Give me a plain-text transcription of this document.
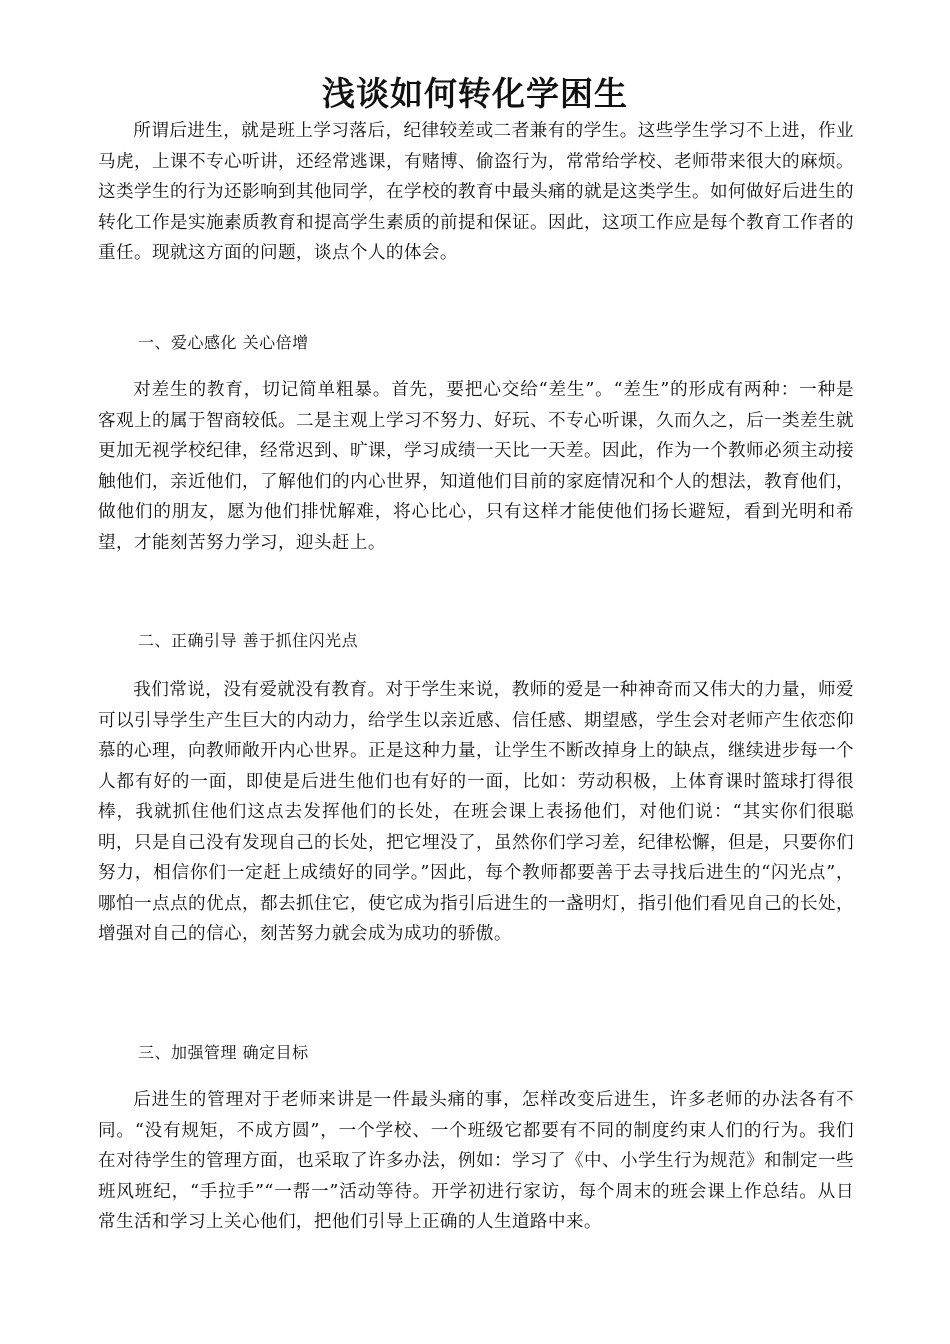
浅谈如何转化学困生

所谓后进生，就是班上学习落后，纪律较差或二者兼有的学生。这些学生学习不上进，作业马虎，上课不专心听讲，还经常逃课，有赌博、偷盗行为，常常给学校、老师带来很大的麻烦。这类学生的行为还影响到其他同学，在学校的教育中最头痛的就是这类学生。如何做好后进生的转化工作是实施素质教育和提高学生素质的前提和保证。因此，这项工作应是每个教育工作者的重任。现就这方面的问题，谈点个人的体会。

一、爱心感化 关心倍增

对差生的教育，切记简单粗暴。首先，要把心交给“差生”。“差生”的形成有两种：一种是客观上的属于智商较低。二是主观上学习不努力、好玩、不专心听课，久而久之，后一类差生就更加无视学校纪律，经常迟到、旷课，学习成绩一天比一天差。因此，作为一个教师必须主动接触他们，亲近他们，了解他们的内心世界，知道他们目前的家庭情况和个人的想法，教育他们，做他们的朋友，愿为他们排忧解难，将心比心，只有这样才能使他们扬长避短，看到光明和希望，才能刻苦努力学习，迎头赶上。

二、正确引导 善于抓住闪光点

我们常说，没有爱就没有教育。对于学生来说，教师的爱是一种神奇而又伟大的力量，师爱可以引导学生产生巨大的内动力，给学生以亲近感、信任感、期望感，学生会对老师产生依恋仰慕的心理，向教师敞开内心世界。正是这种力量，让学生不断改掉身上的缺点，继续进步每一个人都有好的一面，即使是后进生他们也有好的一面，比如：劳动积极，上体育课时篮球打得很棒，我就抓住他们这点去发挥他们的长处，在班会课上表扬他们，对他们说：“其实你们很聪明，只是自己没有发现自己的长处，把它埋没了，虽然你们学习差，纪律松懈，但是，只要你们努力，相信你们一定赶上成绩好的同学。”因此，每个教师都要善于去寻找后进生的“闪光点”，哪怕一点点的优点，都去抓住它，使它成为指引后进生的一盏明灯，指引他们看见自己的长处，增强对自己的信心，刻苦努力就会成为成功的骄傲。

三、加强管理 确定目标

后进生的管理对于老师来讲是一件最头痛的事，怎样改变后进生，许多老师的办法各有不同。“没有规矩，不成方圆”，一个学校、一个班级它都要有不同的制度约束人们的行为。我们在对待学生的管理方面，也采取了许多办法，例如：学习了《中、小学生行为规范》和制定一些班风班纪，“手拉手”“一帮一”活动等待。开学初进行家访，每个周末的班会课上作总结。从日常生活和学习上关心他们，把他们引导上正确的人生道路中来。
